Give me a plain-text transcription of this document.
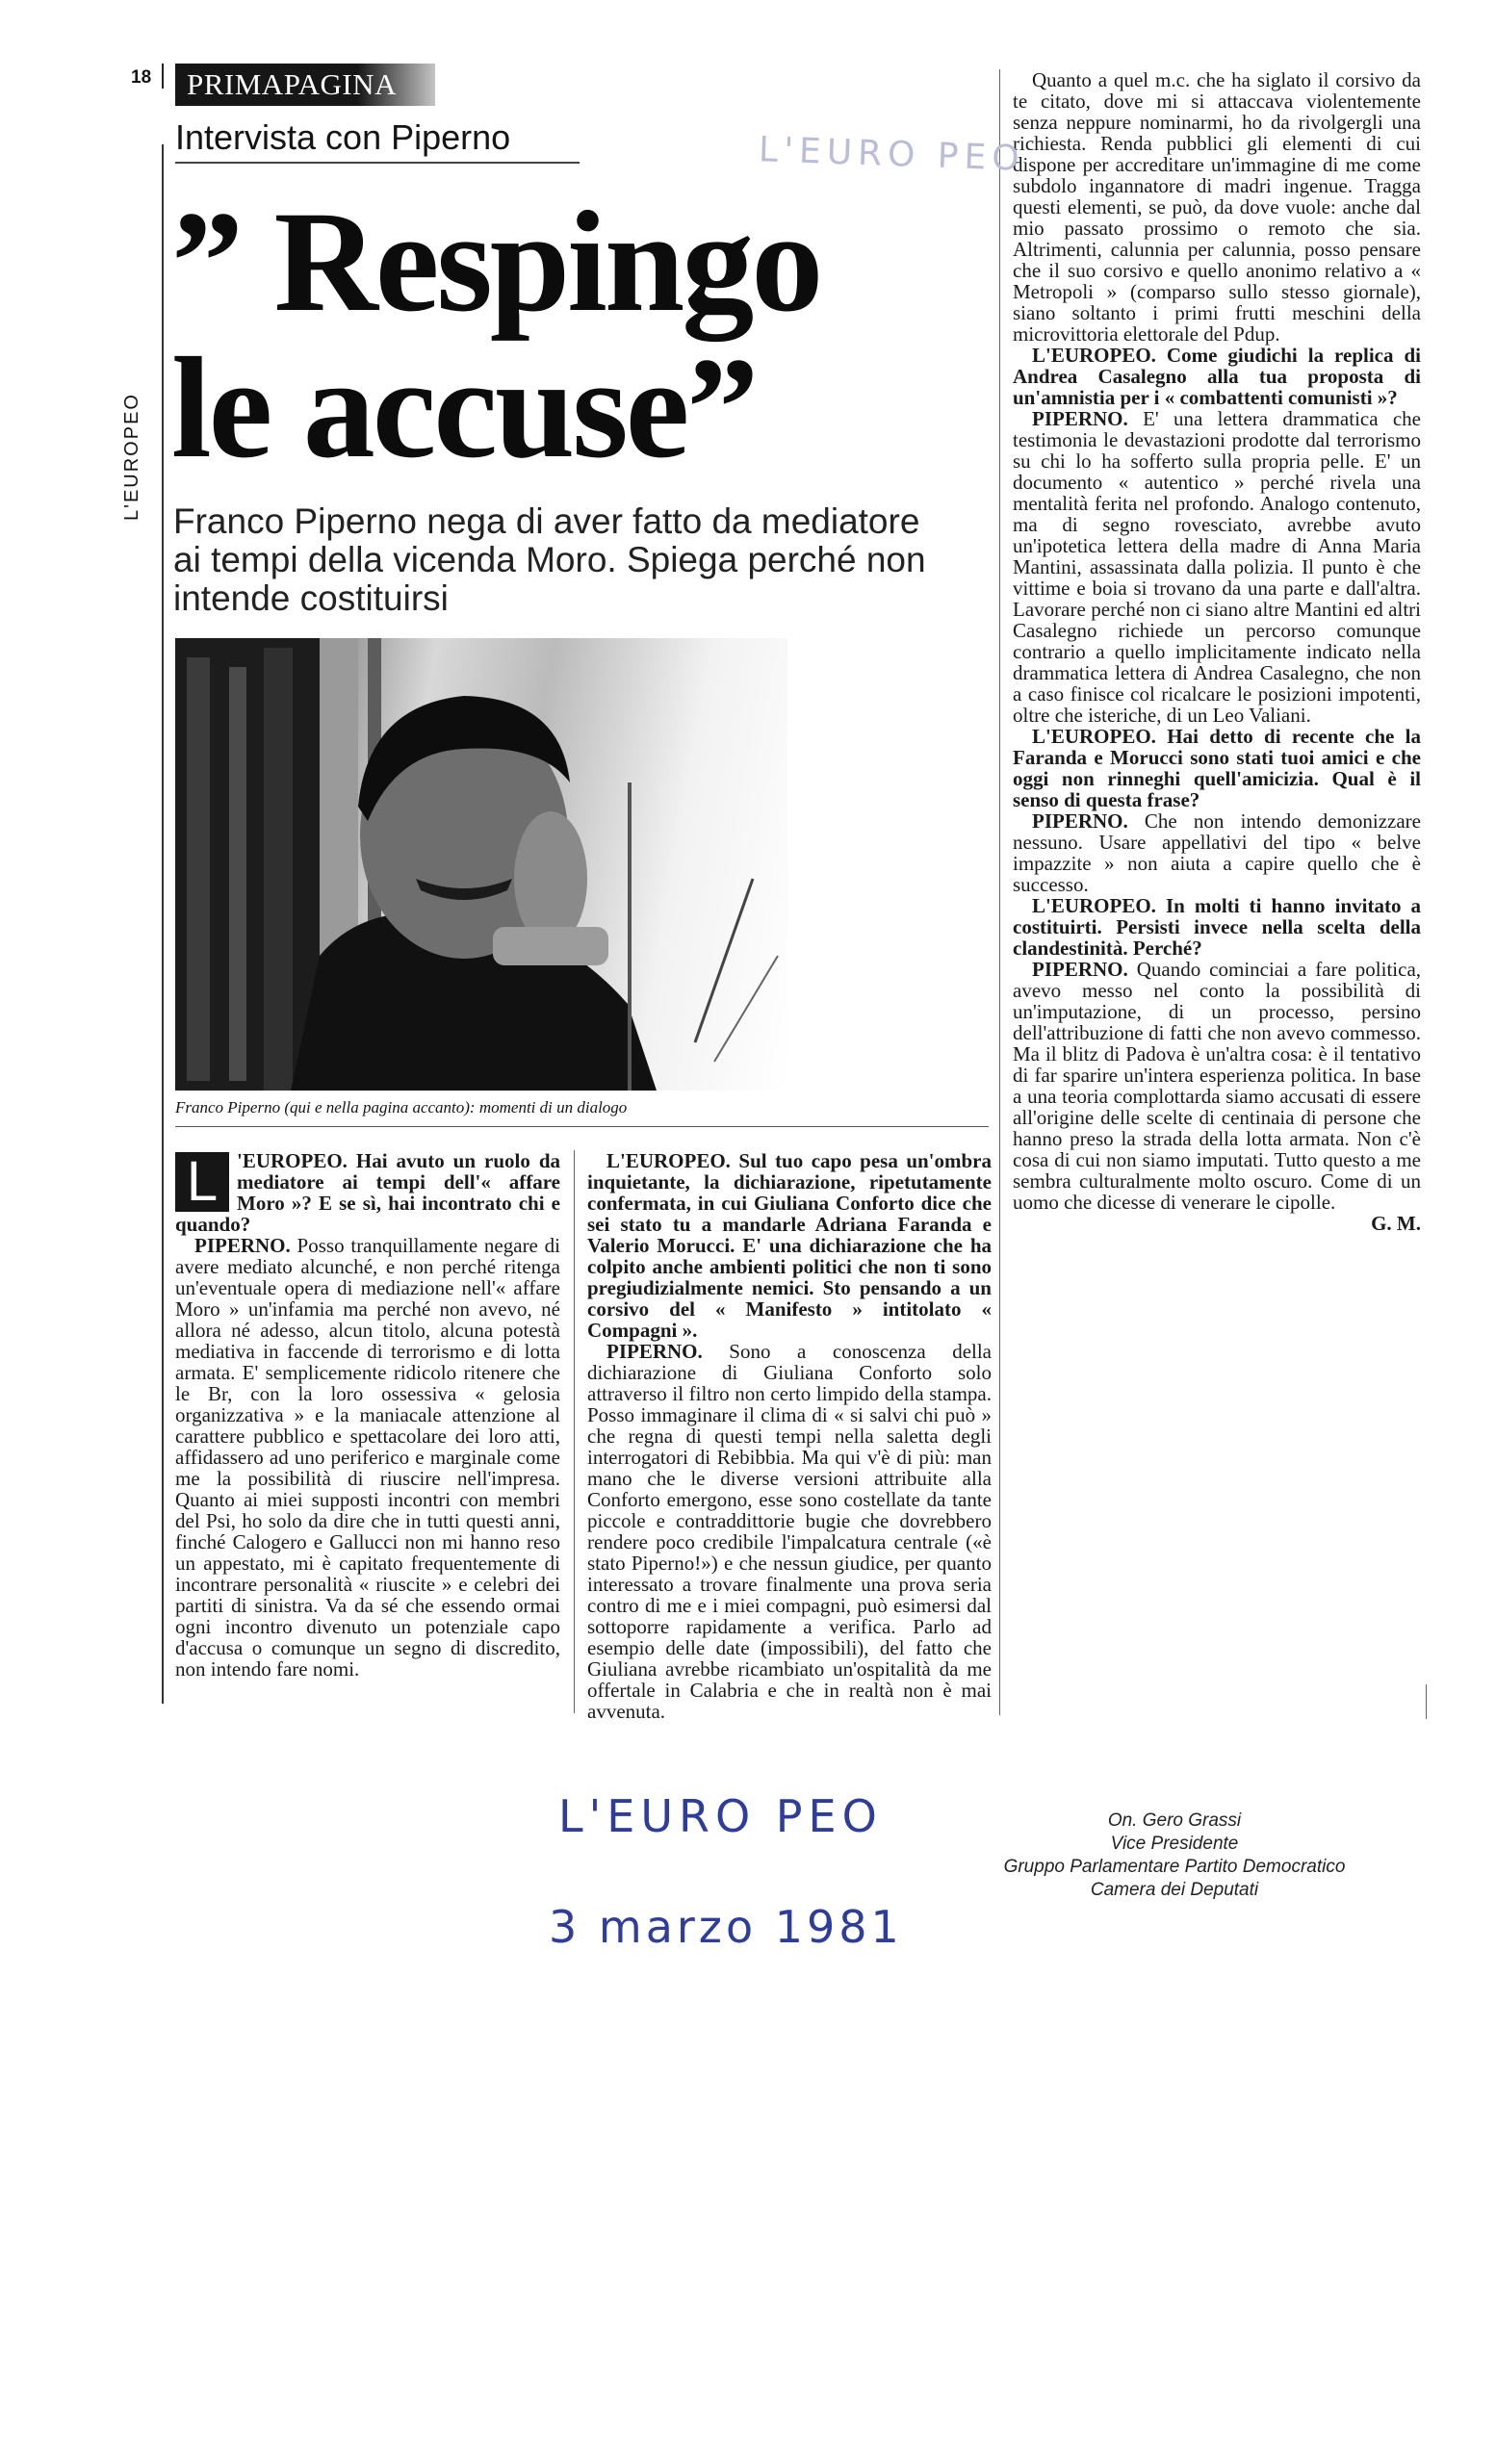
18
L'EUROPEO
PRIMAPAGINA
Intervista con Piperno
” Respingo le accuse”
Franco Piperno nega di aver fatto da mediatore ai tempi della vicenda Moro. Spiega perché non intende costituirsi
Franco Piperno (qui e nella pagina accanto): momenti di un dialogo

L 'EUROPEO. Hai avuto un ruolo da mediatore ai tempi dell'« affare Moro »? E se sì, hai incontrato chi e quando?

PIPERNO. Posso tranquillamente negare di avere mediato alcunché, e non perché ritenga un'eventuale opera di mediazione nell'« affare Moro » un'infamia ma perché non avevo, né allora né adesso, alcun titolo, alcuna potestà mediativa in faccende di terrorismo e di lotta armata. E' semplicemente ridicolo ritenere che le Br, con la loro ossessiva « gelosia organizzativa » e la maniacale attenzione al carattere pubblico e spettacolare dei loro atti, affidassero ad uno periferico e marginale come me la possibilità di riuscire nell'impresa. Quanto ai miei supposti incontri con membri del Psi, ho solo da dire che in tutti questi anni, finché Calogero e Gallucci non mi hanno reso un appestato, mi è capitato frequentemente di incontrare personalità « riuscite » e celebri dei partiti di sinistra. Va da sé che essendo ormai ogni incontro divenuto un potenziale capo d'accusa o comunque un segno di discredito, non intendo fare nomi.

L'EUROPEO. Sul tuo capo pesa un'ombra inquietante, la dichiarazione, ripetutamente confermata, in cui Giuliana Conforto dice che sei stato tu a mandarle Adriana Faranda e Valerio Morucci. E' una dichiarazione che ha colpito anche ambienti politici che non ti sono pregiudizialmente nemici. Sto pensando a un corsivo del « Manifesto » intitolato « Compagni ».

PIPERNO. Sono a conoscenza della dichiarazione di Giuliana Conforto solo attraverso il filtro non certo limpido della stampa. Posso immaginare il clima di « si salvi chi può » che regna di questi tempi nella saletta degli interrogatori di Rebibbia. Ma qui v'è di più: man mano che le diverse versioni attribuite alla Conforto emergono, esse sono costellate da tante piccole e contraddittorie bugie che dovrebbero rendere poco credibile l'impalcatura centrale («è stato Piperno!») e che nessun giudice, per quanto interessato a trovare finalmente una prova seria contro di me e i miei compagni, può esimersi dal sottoporre rapidamente a verifica. Parlo ad esempio delle date (impossibili), del fatto che Giuliana avrebbe ricambiato un'ospitalità da me offertale in Calabria e che in realtà non è mai avvenuta.

Quanto a quel m.c. che ha siglato il corsivo da te citato, dove mi si attaccava violentemente senza neppure nominarmi, ho da rivolgergli una richiesta. Renda pubblici gli elementi di cui dispone per accreditare un'immagine di me come subdolo ingannatore di madri ingenue. Tragga questi elementi, se può, da dove vuole: anche dal mio passato prossimo o remoto che sia. Altrimenti, calunnia per calunnia, posso pensare che il suo corsivo e quello anonimo relativo a « Metropoli » (comparso sullo stesso giornale), siano soltanto i primi frutti meschini della microvittoria elettorale del Pdup.

L'EUROPEO. Come giudichi la replica di Andrea Casalegno alla tua proposta di un'amnistia per i « combattenti comunisti »?

PIPERNO. E' una lettera drammatica che testimonia le devastazioni prodotte dal terrorismo su chi lo ha sofferto sulla propria pelle. E' un documento « autentico » perché rivela una mentalità ferita nel profondo. Analogo contenuto, ma di segno rovesciato, avrebbe avuto un'ipotetica lettera della madre di Anna Maria Mantini, assassinata dalla polizia. Il punto è che vittime e boia si trovano da una parte e dall'altra. Lavorare perché non ci siano altre Mantini ed altri Casalegno richiede un percorso comunque contrario a quello implicitamente indicato nella drammatica lettera di Andrea Casalegno, che non a caso finisce col ricalcare le posizioni impotenti, oltre che isteriche, di un Leo Valiani.

L'EUROPEO. Hai detto di recente che la Faranda e Morucci sono stati tuoi amici e che oggi non rinneghi quell'amicizia. Qual è il senso di questa frase?

PIPERNO. Che non intendo demonizzare nessuno. Usare appellativi del tipo « belve impazzite » non aiuta a capire quello che è successo.

L'EUROPEO. In molti ti hanno invitato a costituirti. Persisti invece nella scelta della clandestinità. Perché?

PIPERNO. Quando cominciai a fare politica, avevo messo nel conto la possibilità di un'imputazione, di un processo, persino dell'attribuzione di fatti che non avevo commesso. Ma il blitz di Padova è un'altra cosa: è il tentativo di far sparire un'intera esperienza politica. In base a una teoria complottarda siamo accusati di essere all'origine delle scelte di centinaia di persone che hanno preso la strada della lotta armata. Non c'è cosa di cui non siamo imputati. Tutto questo a me sembra culturalmente molto oscuro. Come di un uomo che dicesse di venerare le cipolle.

G. M.
L'EURO PEO
L'EURO PEO
3 marzo 1981
On. Gero Grassi
Vice Presidente
Gruppo Parlamentare Partito Democratico
Camera dei Deputati
